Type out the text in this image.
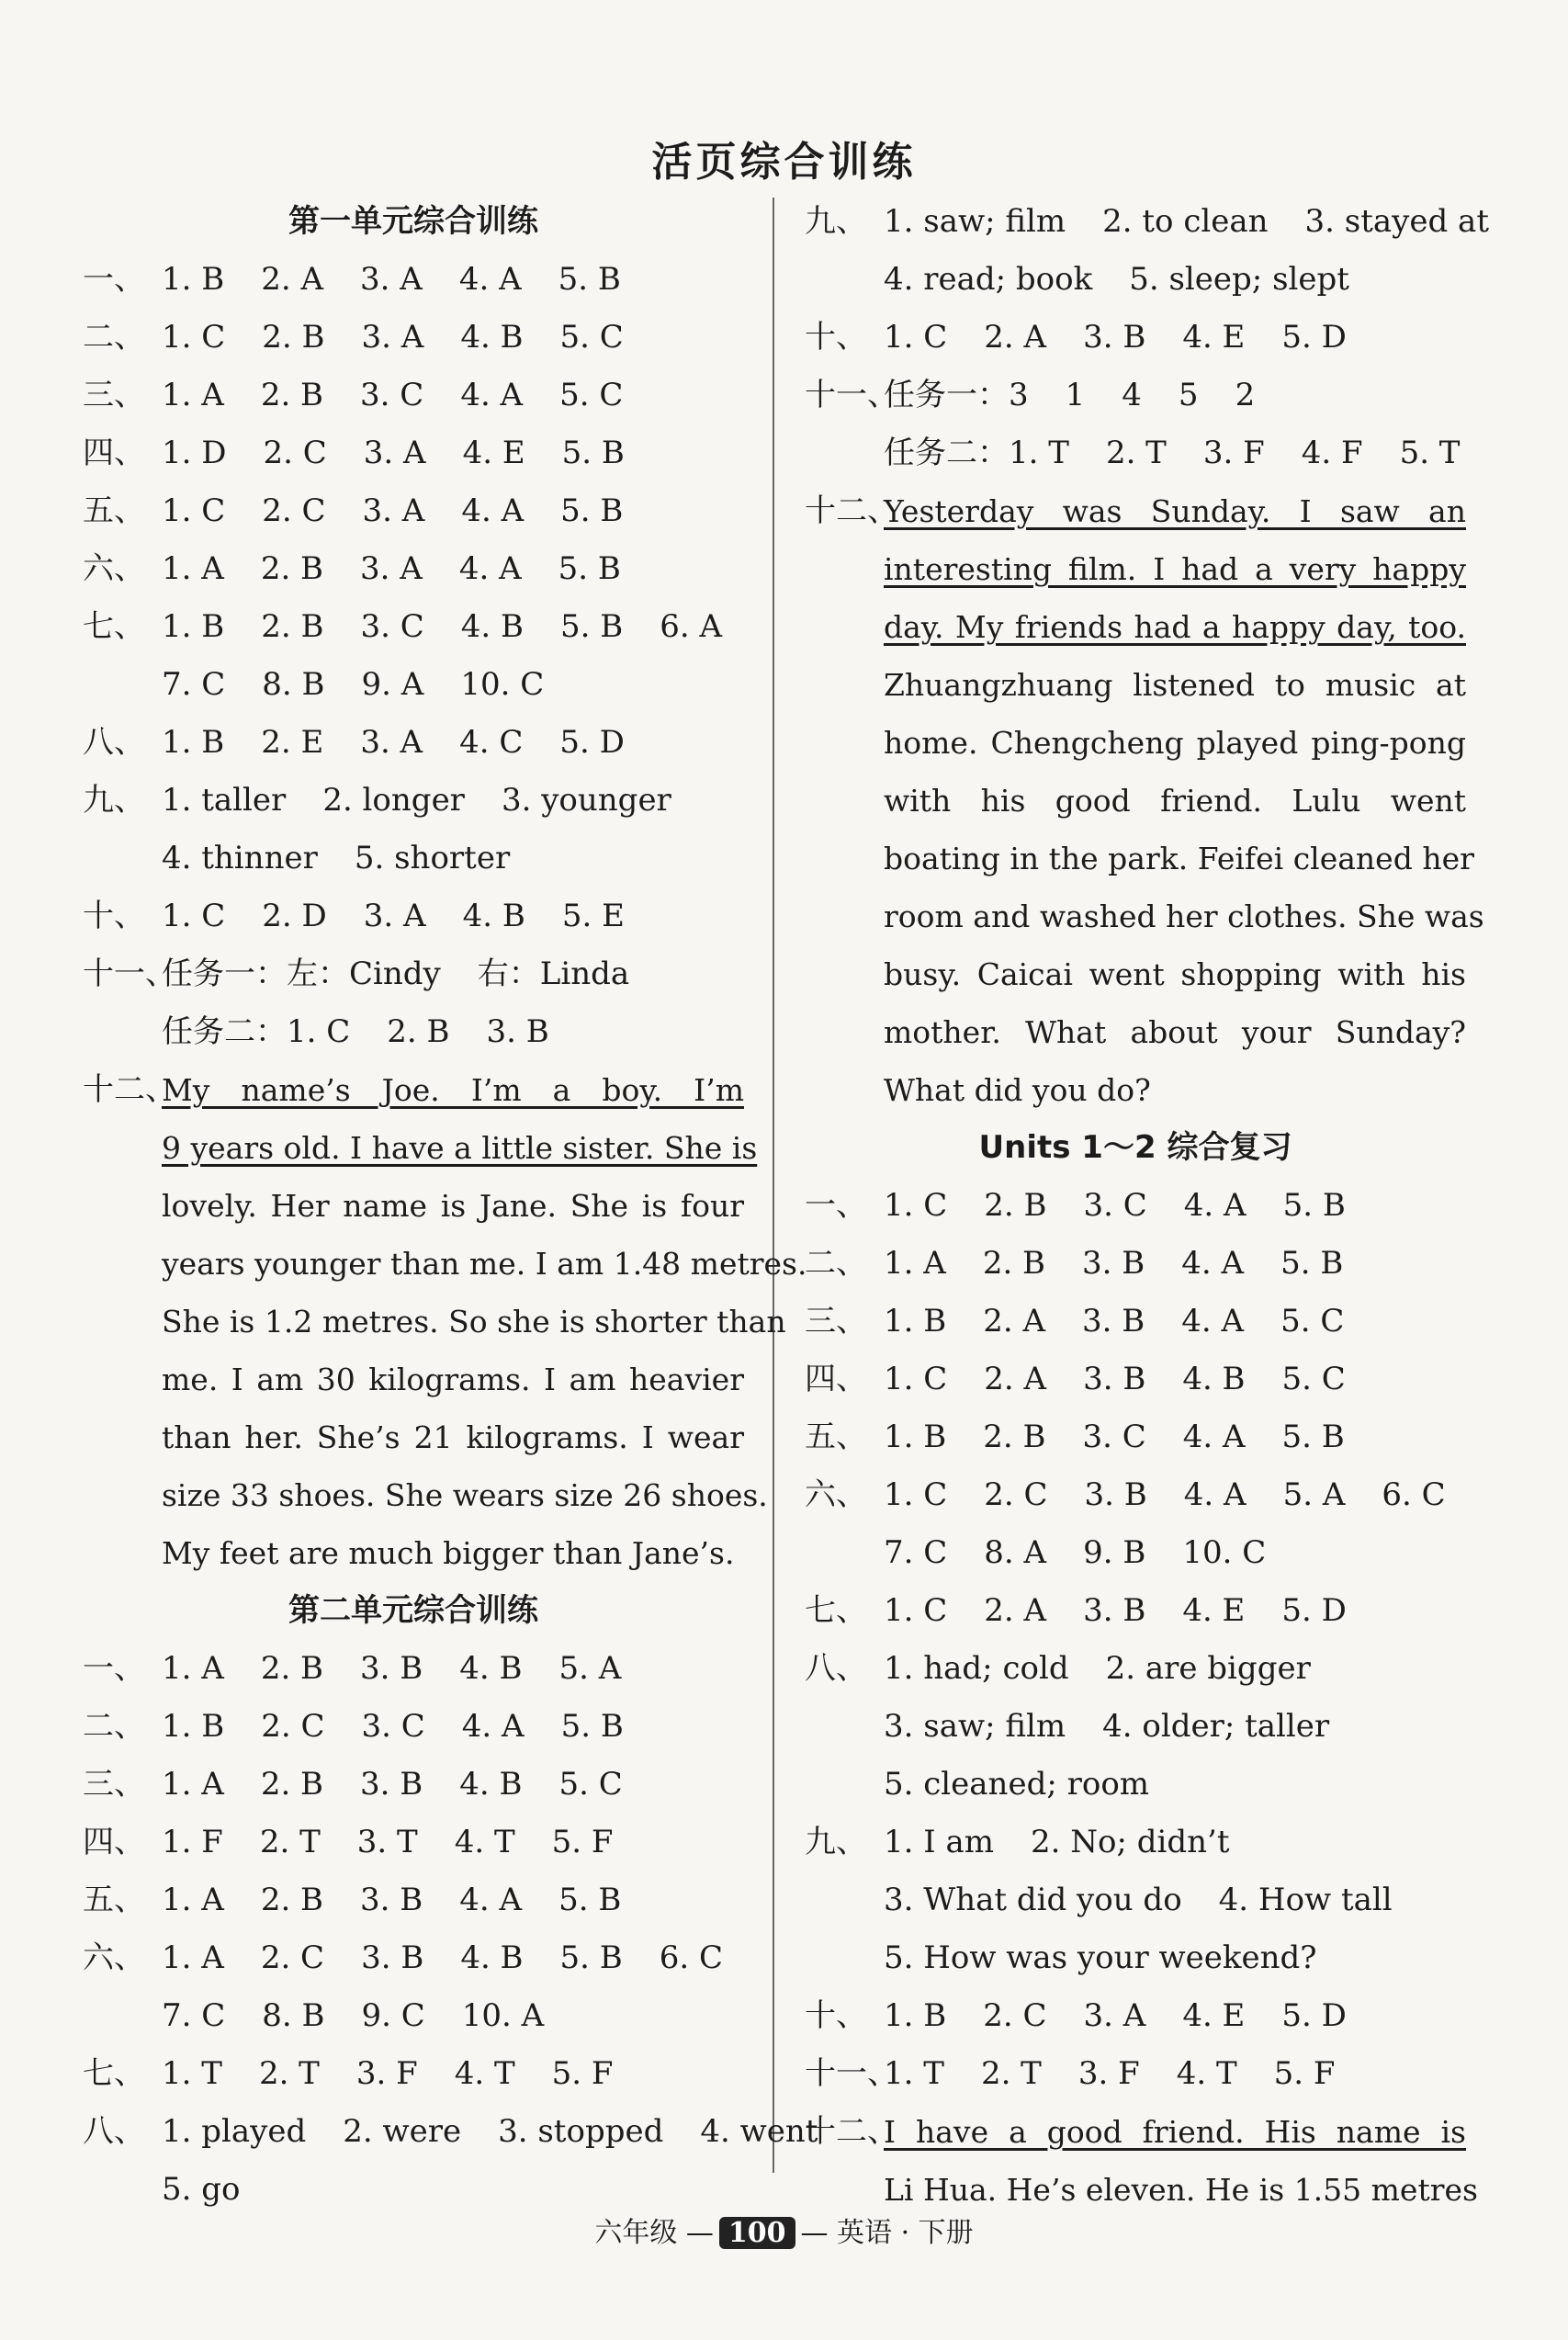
活页综合训练
第一单元综合训练
一、 1. B 2. A 3. A 4. A 5. B
二、 1. C 2. B 3. A 4. B 5. C
三、 1. A 2. B 3. C 4. A 5. C
四、 1. D 2. C 3. A 4. E 5. B
五、 1. C 2. C 3. A 4. A 5. B
六、 1. A 2. B 3. A 4. A 5. B
七、 1. B 2. B 3. C 4. B 5. B 6. A
7. C 8. B 9. A 10. C
八、 1. B 2. E 3. A 4. C 5. D
九、 1. taller 2. longer 3. younger
4. thinner 5. shorter
十、 1. C 2. D 3. A 4. B 5. E
十一、任务一：左：Cindy 右：Linda
任务二：1. C 2. B 3. B
十二、
My name’s Joe. I’m a boy. I’m
9 years old. I have a little sister. She is
lovely. Her name is Jane. She is four
years younger than me. I am 1.48 metres.
She is 1.2 metres. So she is shorter than
me. I am 30 kilograms. I am heavier
than her. She’s 21 kilograms. I wear
size 33 shoes. She wears size 26 shoes.
My feet are much bigger than Jane’s.
第二单元综合训练
一、 1. A 2. B 3. B 4. B 5. A
二、 1. B 2. C 3. C 4. A 5. B
三、 1. A 2. B 3. B 4. B 5. C
四、 1. F 2. T 3. T 4. T 5. F
五、 1. A 2. B 3. B 4. A 5. B
六、 1. A 2. C 3. B 4. B 5. B 6. C
7. C 8. B 9. C 10. A
七、 1. T 2. T 3. F 4. T 5. F
八、 1. played 2. were 3. stopped 4. went
5. go
九、 1. saw; film 2. to clean 3. stayed at
4. read; book 5. sleep; slept
十、 1. C 2. A 3. B 4. E 5. D
十一、任务一：3 1 4 5 2
任务二：1. T 2. T 3. F 4. F 5. T
十二、
Yesterday was Sunday. I saw an
interesting film. I had a very happy
day. My friends had a happy day, too.
Zhuangzhuang listened to music at
home. Chengcheng played ping-pong
with his good friend. Lulu went
boating in the park. Feifei cleaned her
room and washed her clothes. She was
busy. Caicai went shopping with his
mother. What about your Sunday?
What did you do?
Units 1～2 综合复习
一、 1. C 2. B 3. C 4. A 5. B
二、 1. A 2. B 3. B 4. A 5. B
三、 1. B 2. A 3. B 4. A 5. C
四、 1. C 2. A 3. B 4. B 5. C
五、 1. B 2. B 3. C 4. A 5. B
六、 1. C 2. C 3. B 4. A 5. A 6. C
7. C 8. A 9. B 10. C
七、 1. C 2. A 3. B 4. E 5. D
八、 1. had; cold 2. are bigger
3. saw; film 4. older; taller
5. cleaned; room
九、 1. I am 2. No; didn’t
3. What did you do 4. How tall
5. How was your weekend?
十、 1. B 2. C 3. A 4. E 5. D
十一、1. T 2. T 3. F 4. T 5. F
十二、
I have a good friend. His name is
Li Hua. He’s eleven. He is 1.55 metres
六年级 — 100 — 英语 · 下册
